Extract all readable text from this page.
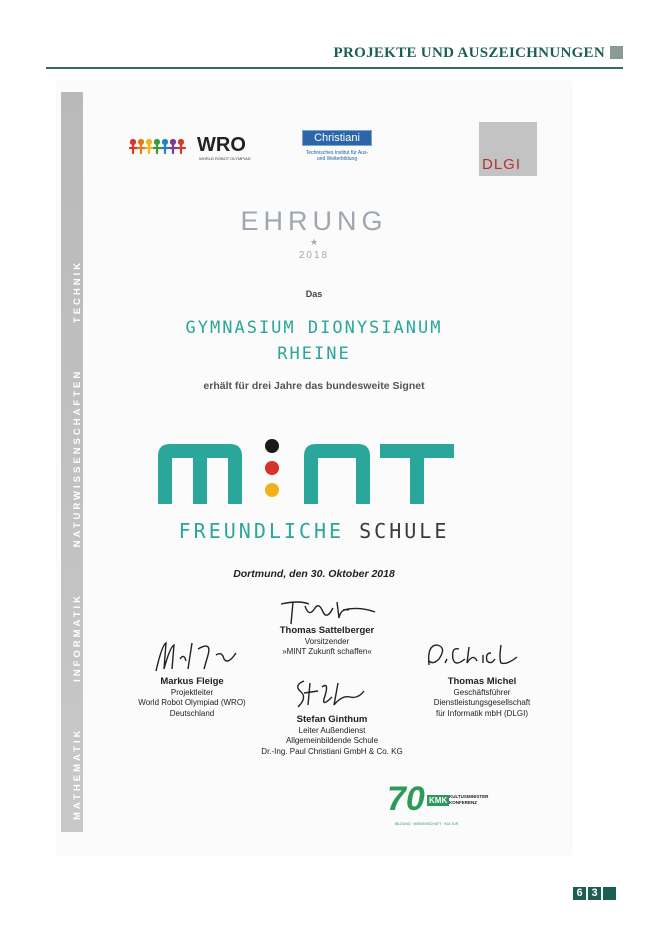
PROJEKTE UND AUSZEICHNUNGEN
MATHEMATIK INFORMATIK NATURWISSENSCHAFTEN TECHNIK
WRO
WORLD ROBOT OLYMPIAD
Christiani
Technisches Institut für Aus- und Weiterbildung	DLGI
EHRUNG
★
2018
Das
GYMNASIUM DIONYSIANUM
RHEINE
erhält für drei Jahre das bundesweite Signet
FREUNDLICHE SCHULE
Dortmund, den 30. Oktober 2018
Thomas Sattelberger
Vorsitzender
»MINT Zukunft schaffen«
Markus Fleige
Projektleiter
World Robot Olympiad (WRO)
Deutschland
Thomas Michel
Geschäftsführer
Dienstleistungsgesellschaft
für Informatik mbH (DLGI)
Stefan Ginthum
Leiter Außendienst
Allgemeinbildende Schule
Dr.-Ing. Paul Christiani GmbH & Co. KG
70 KMK KULTUSMINISTER
KONFERENZ
BILDUNG · WISSENSCHAFT · KULTUR
6 3
